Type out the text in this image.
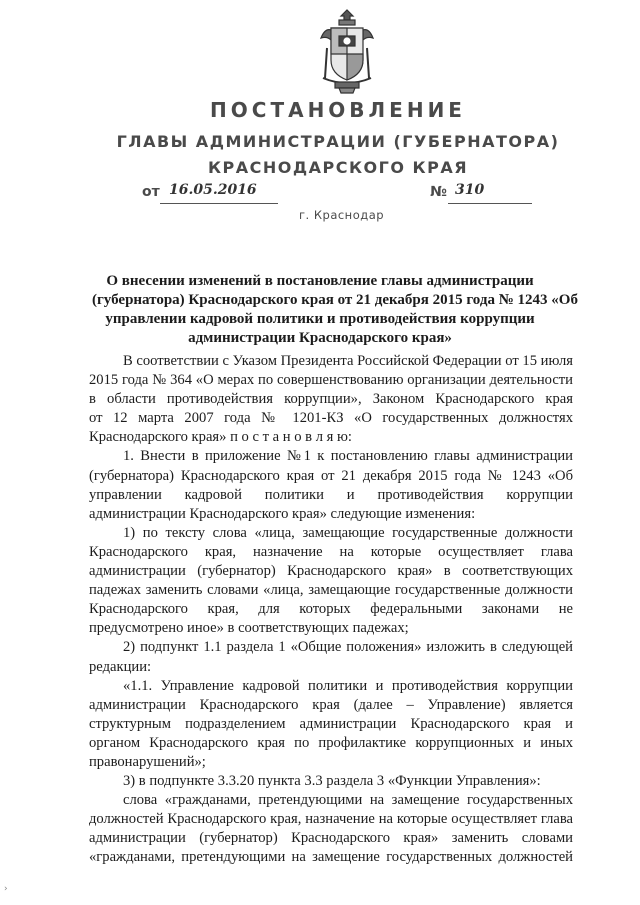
ПОСТАНОВЛЕНИЕ
ГЛАВЫ АДМИНИСТРАЦИИ (ГУБЕРНАТОРА)
КРАСНОДАРСКОГО КРАЯ
от 16.05.2016	№ 310
г. Краснодар
О внесении изменений в постановление главы администрации
(губернатора) Краснодарского края от 21 декабря 2015 года № 1243 «Об
управлении кадровой политики и противодействия коррупции
администрации Краснодарского края»
В соответствии с Указом Президента Российской Федерации от 15 июля
2015 года № 364 «О мерах по совершенствованию организации деятельности
в области противодействия коррупции», Законом Краснодарского края
от 12 марта 2007 года № 1201-КЗ «О государственных должностях
Краснодарского края» п о с т а н о в л я ю:
1. Внести в приложение №1 к постановлению главы администрации
(губернатора) Краснодарского края от 21 декабря 2015 года № 1243 «Об
управлении кадровой политики и противодействия коррупции
администрации Краснодарского края» следующие изменения:
1) по тексту слова «лица, замещающие государственные должности
Краснодарского края, назначение на которые осуществляет глава
администрации (губернатор) Краснодарского края» в соответствующих
падежах заменить словами «лица, замещающие государственные должности
Краснодарского края, для которых федеральными законами не
предусмотрено иное» в соответствующих падежах;
2) подпункт 1.1 раздела 1 «Общие положения» изложить в следующей
редакции:
«1.1. Управление кадровой политики и противодействия коррупции
администрации Краснодарского края (далее – Управление) является
структурным подразделением администрации Краснодарского края и
органом Краснодарского края по профилактике коррупционных и иных
правонарушений»;
3) в подпункте 3.3.20 пункта 3.3 раздела 3 «Функции Управления»:
слова «гражданами, претендующими на замещение государственных
должностей Краснодарского края, назначение на которые осуществляет глава
администрации (губернатор) Краснодарского края» заменить словами
«гражданами, претендующими на замещение государственных должностей
›
